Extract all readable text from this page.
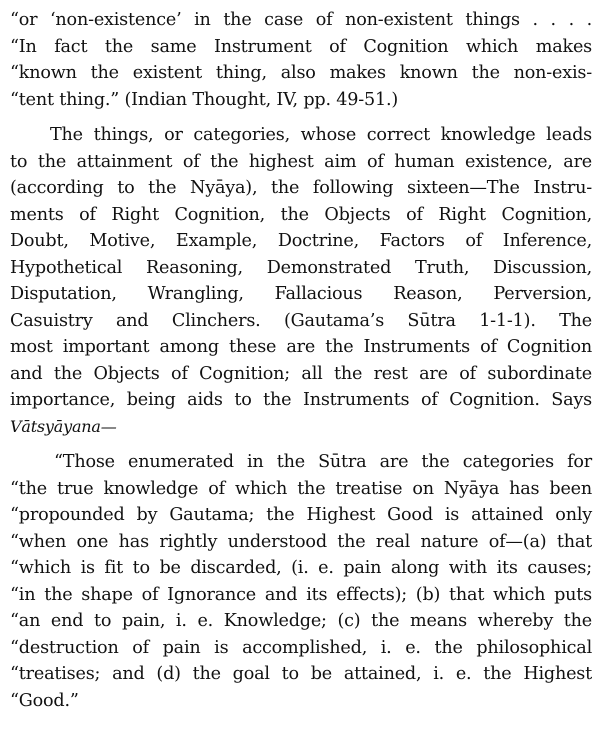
“or ‘non-existence’ in the case of non-existent things . . . .
“In fact the same Instrument of Cognition which makes
“known the existent thing, also makes known the non-exis-
“tent thing.” (Indian Thought, IV, pp. 49-51.)
The things, or categories, whose correct knowledge leads
to the attainment of the highest aim of human existence, are
(according to the Nyāya), the following sixteen—The Instru-
ments of Right Cognition, the Objects of Right Cognition,
Doubt, Motive, Example, Doctrine, Factors of Inference,
Hypothetical Reasoning, Demonstrated Truth, Discussion,
Disputation, Wrangling, Fallacious Reason, Perversion,
Casuistry and Clinchers. (Gautama’s Sūtra 1-1-1). The
most important among these are the Instruments of Cognition
and the Objects of Cognition; all the rest are of subordinate
importance, being aids to the Instruments of Cognition. Says
Vātsyāyana—
“Those enumerated in the Sūtra are the categories for
“the true knowledge of which the treatise on Nyāya has been
“propounded by Gautama; the Highest Good is attained only
“when one has rightly understood the real nature of—(a) that
“which is fit to be discarded, (i. e. pain along with its causes;
“in the shape of Ignorance and its effects); (b) that which puts
“an end to pain, i. e. Knowledge; (c) the means whereby the
“destruction of pain is accomplished, i. e. the philosophical
“treatises; and (d) the goal to be attained, i. e. the Highest
“Good.”
